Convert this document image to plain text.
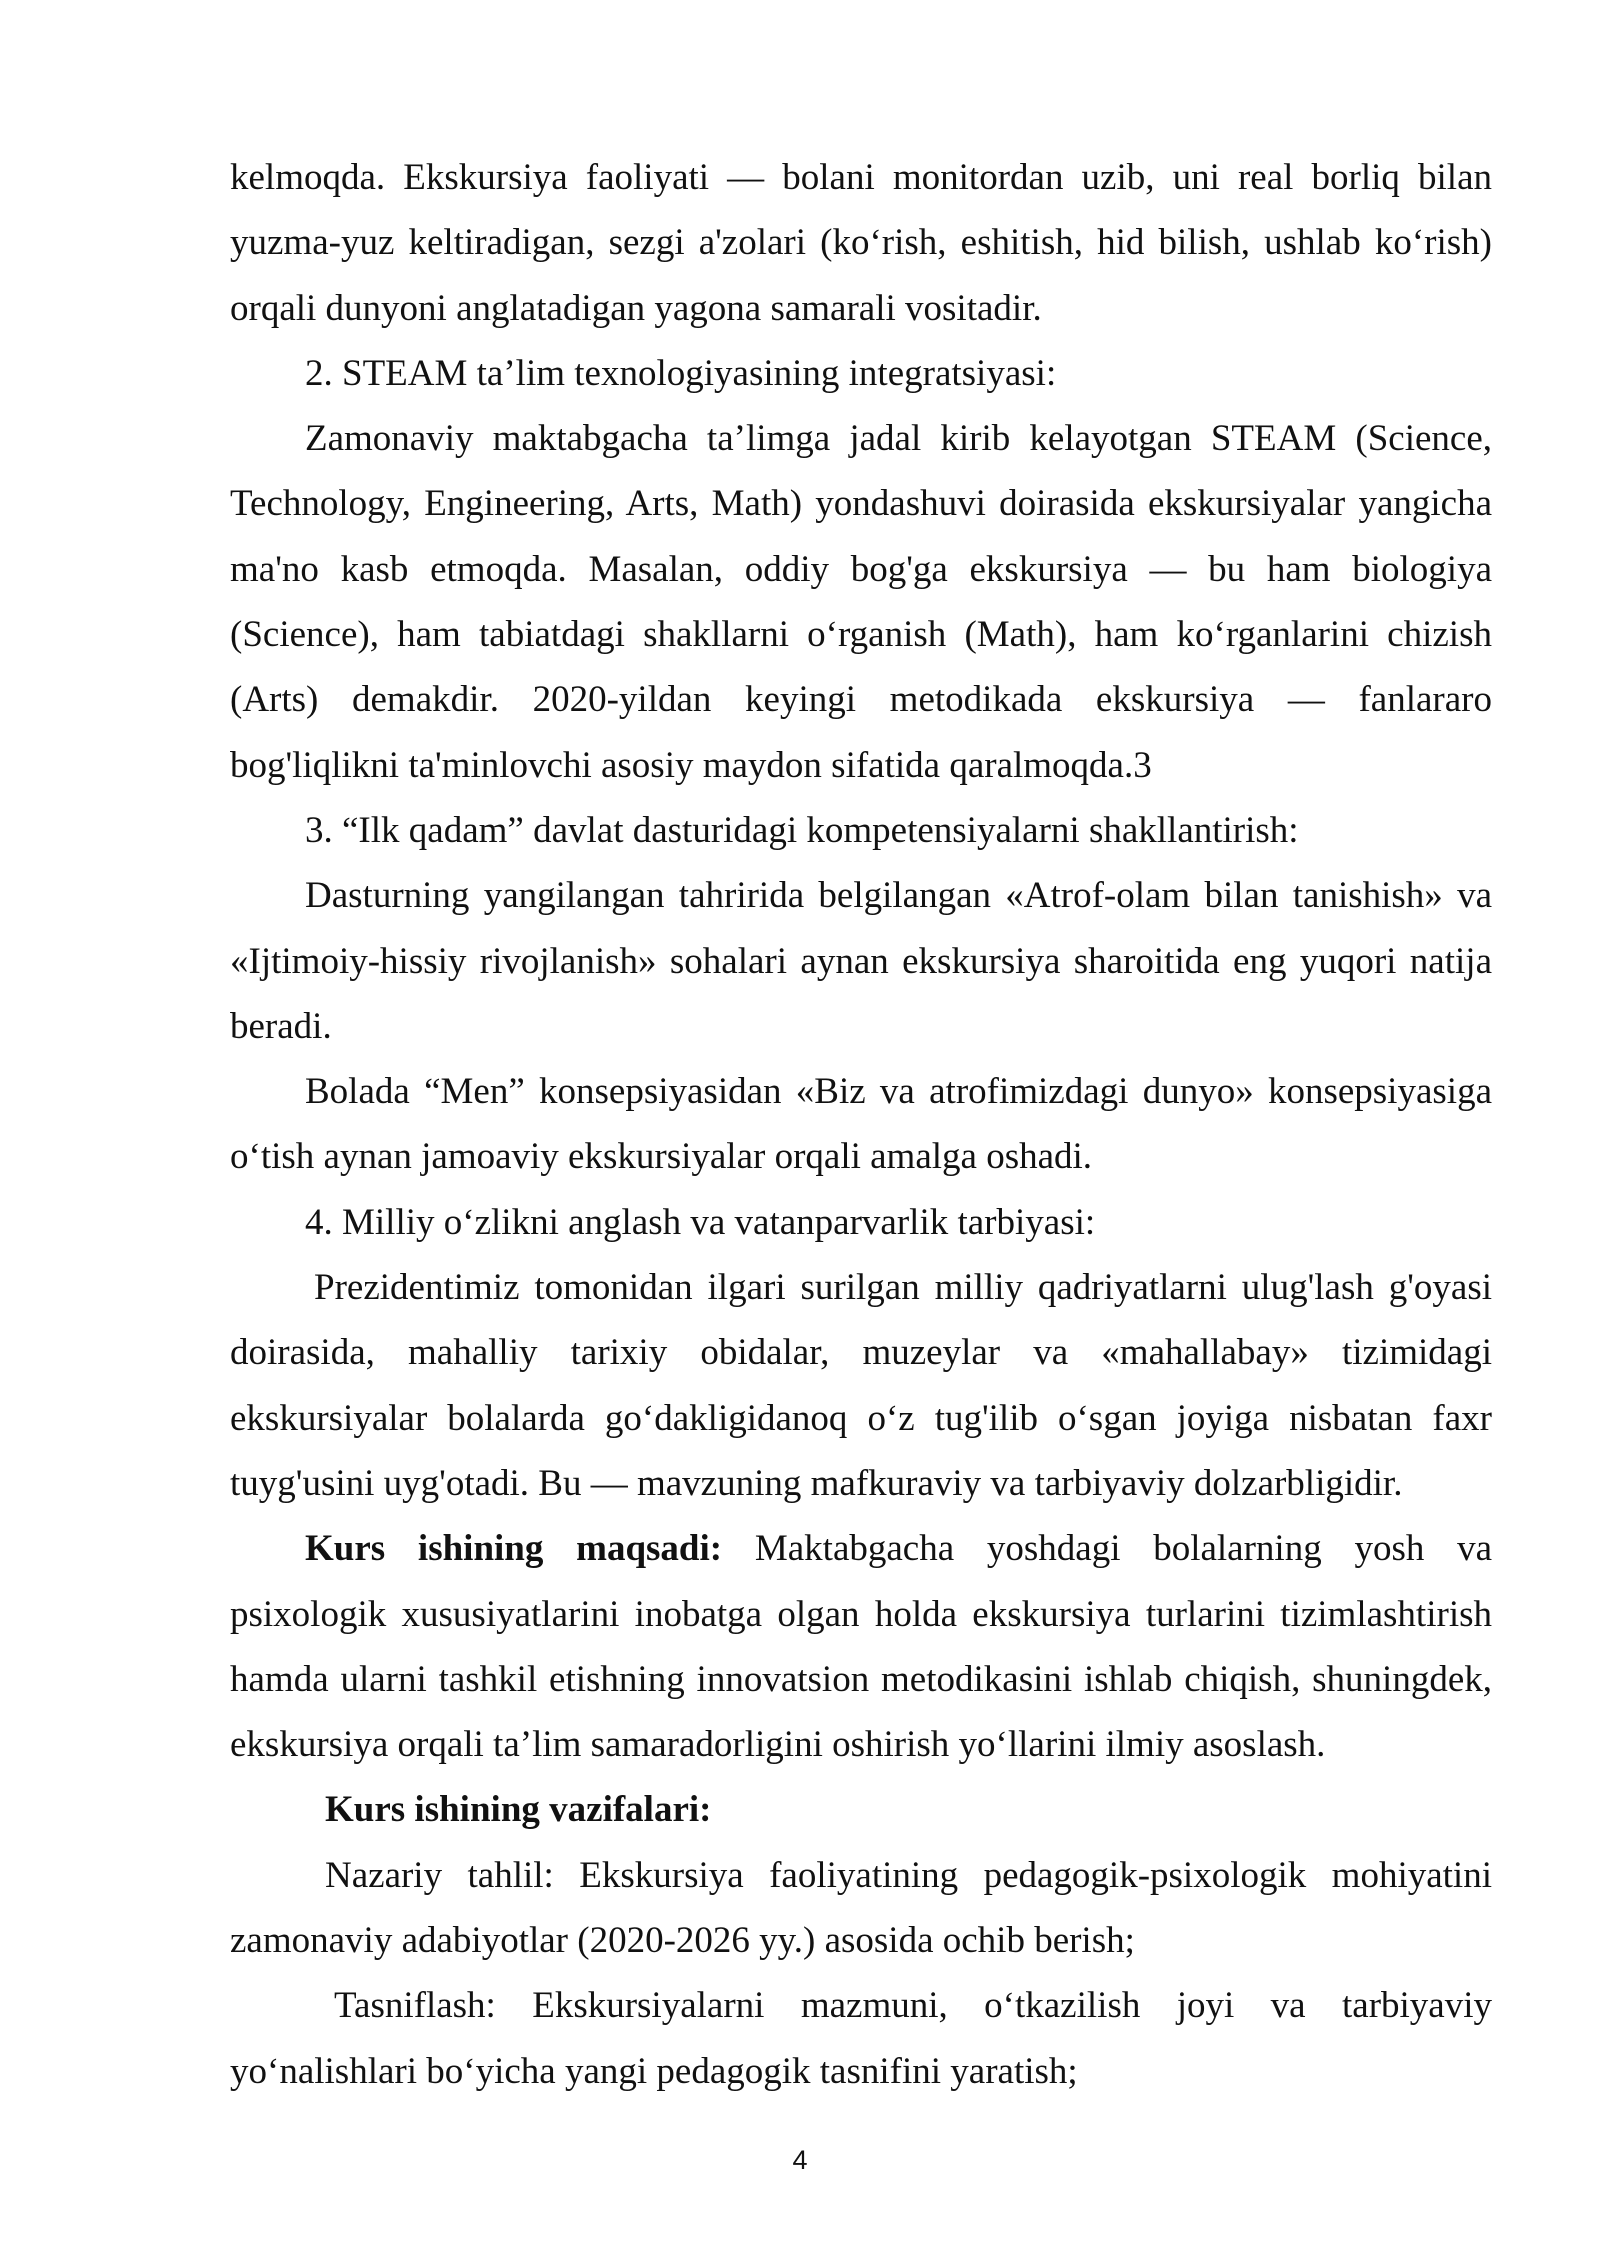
kelmoqda. Ekskursiya faoliyati — bolani monitordan uzib, uni real borliq bilan yuzma-yuz keltiradigan, sezgi a'zolari (ko‘rish, eshitish, hid bilish, ushlab ko‘rish) orqali dunyoni anglatadigan yagona samarali vositadir.

2. STEAM ta’lim texnologiyasining integratsiyasi:

Zamonaviy maktabgacha ta’limga jadal kirib kelayotgan STEAM (Science, Technology, Engineering, Arts, Math) yondashuvi doirasida ekskursiyalar yangicha ma'no kasb etmoqda. Masalan, oddiy bog'ga ekskursiya — bu ham biologiya (Science), ham tabiatdagi shakllarni o‘rganish (Math), ham ko‘rganlarini chizish (Arts) demakdir. 2020-yildan keyingi metodikada ekskursiya — fanlararo bog'liqlikni ta'minlovchi asosiy maydon sifatida qaralmoqda.3

3. “Ilk qadam” davlat dasturidagi kompetensiyalarni shakllantirish:

Dasturning yangilangan tahririda belgilangan «Atrof-olam bilan tanishish» va «Ijtimoiy-hissiy rivojlanish» sohalari aynan ekskursiya sharoitida eng yuqori natija beradi.

Bolada “Men” konsepsiyasidan «Biz va atrofimizdagi dunyo» konsepsiyasiga o‘tish aynan jamoaviy ekskursiyalar orqali amalga oshadi.

4. Milliy o‘zlikni anglash va vatanparvarlik tarbiyasi:

Prezidentimiz tomonidan ilgari surilgan milliy qadriyatlarni ulug'lash g'oyasi doirasida, mahalliy tarixiy obidalar, muzeylar va «mahallabay» tizimidagi ekskursiyalar bolalarda go‘dakligidanoq o‘z tug'ilib o‘sgan joyiga nisbatan faxr tuyg'usini uyg'otadi. Bu — mavzuning mafkuraviy va tarbiyaviy dolzarbligidir.

Kurs ishining maqsadi: Maktabgacha yoshdagi bolalarning yosh va psixologik xususiyatlarini inobatga olgan holda ekskursiya turlarini tizimlashtirish hamda ularni tashkil etishning innovatsion metodikasini ishlab chiqish, shuningdek, ekskursiya orqali ta’lim samaradorligini oshirish yo‘llarini ilmiy asoslash.

Kurs ishining vazifalari:

Nazariy tahlil: Ekskursiya faoliyatining pedagogik-psixologik mohiyatini zamonaviy adabiyotlar (2020-2026 yy.) asosida ochib berish;

Tasniflash: Ekskursiyalarni mazmuni, o‘tkazilish joyi va tarbiyaviy yo‘nalishlari bo‘yicha yangi pedagogik tasnifini yaratish;

4
